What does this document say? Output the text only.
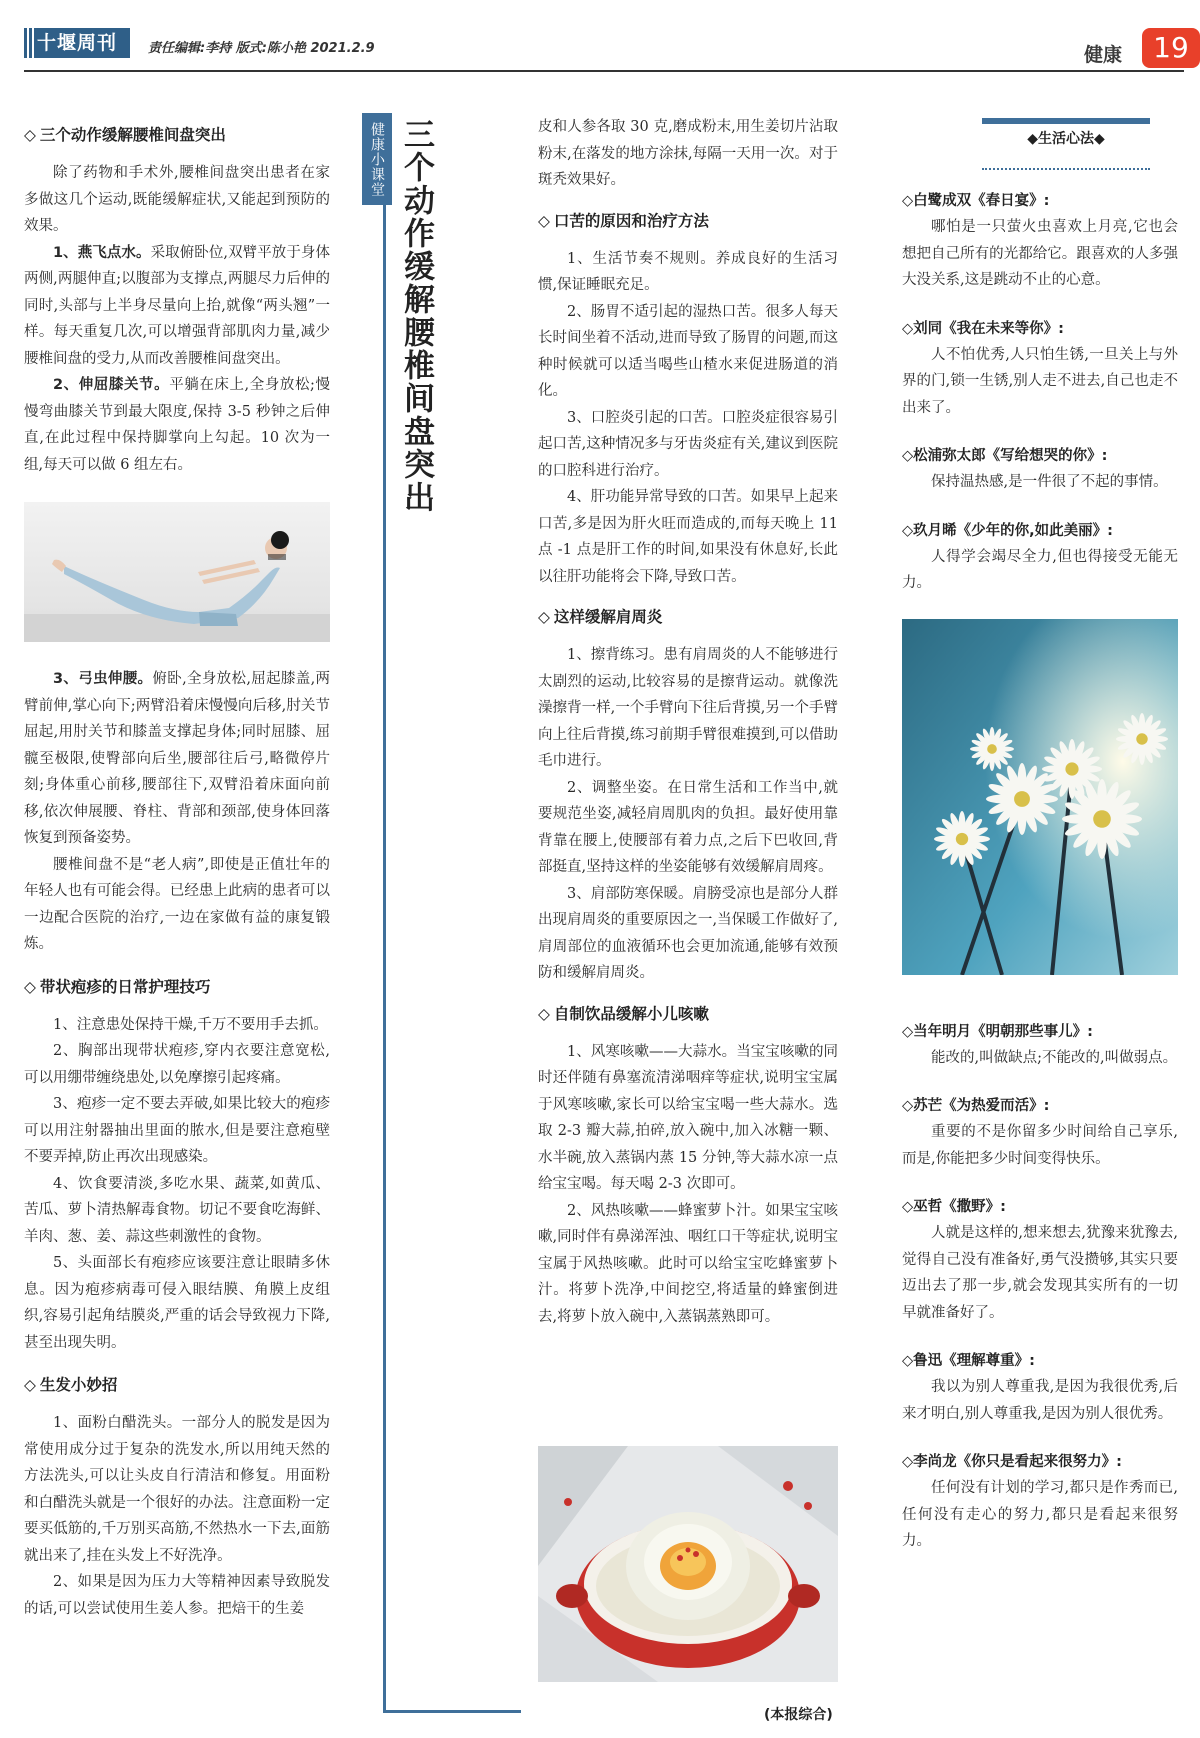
十堰周刊	责任编辑:李持 版式:陈小艳 2021.2.9	健康	19
◇ 三个动作缓解腰椎间盘突出

除了药物和手术外,腰椎间盘突出患者在家多做这几个运动,既能缓解症状,又能起到预防的效果。

1、燕飞点水。采取俯卧位,双臂平放于身体两侧,两腿伸直;以腹部为支撑点,两腿尽力后伸的同时,头部与上半身尽量向上抬,就像“两头翘”一样。每天重复几次,可以增强背部肌肉力量,减少腰椎间盘的受力,从而改善腰椎间盘突出。

2、伸屈膝关节。平躺在床上,全身放松;慢慢弯曲膝关节到最大限度,保持 3-5 秒钟之后伸直,在此过程中保持脚掌向上勾起。10 次为一组,每天可以做 6 组左右。

3、弓虫伸腰。俯卧,全身放松,屈起膝盖,两臂前伸,掌心向下;两臂沿着床慢慢向后移,肘关节屈起,用肘关节和膝盖支撑起身体;同时屈膝、屈髋至极限,使臀部向后坐,腰部往后弓,略微停片刻;身体重心前移,腰部往下,双臂沿着床面向前移,依次伸展腰、脊柱、背部和颈部,使身体回落恢复到预备姿势。

腰椎间盘不是“老人病”,即使是正值壮年的年轻人也有可能会得。已经患上此病的患者可以一边配合医院的治疗,一边在家做有益的康复锻炼。

◇ 带状疱疹的日常护理技巧

1、注意患处保持干燥,千万不要用手去抓。

2、胸部出现带状疱疹,穿内衣要注意宽松,可以用绷带缠绕患处,以免摩擦引起疼痛。

3、疱疹一定不要去弄破,如果比较大的疱疹可以用注射器抽出里面的脓水,但是要注意疱壁不要弄掉,防止再次出现感染。

4、饮食要清淡,多吃水果、蔬菜,如黄瓜、苦瓜、萝卜清热解毒食物。切记不要食吃海鲜、羊肉、葱、姜、蒜这些刺激性的食物。

5、头面部长有疱疹应该要注意让眼睛多休息。因为疱疹病毒可侵入眼结膜、角膜上皮组织,容易引起角结膜炎,严重的话会导致视力下降,甚至出现失明。

◇ 生发小妙招

1、面粉白醋洗头。一部分人的脱发是因为常使用成分过于复杂的洗发水,所以用纯天然的方法洗头,可以让头皮自行清洁和修复。用面粉和白醋洗头就是一个很好的办法。注意面粉一定要买低筋的,千万别买高筋,不然热水一下去,面筋就出来了,挂在头发上不好洗净。

2、如果是因为压力大等精神因素导致脱发的话,可以尝试使用生姜人参。把焙干的生姜

健康小课堂 三个动作缓解腰椎间盘突出	皮和人参各取 30 克,磨成粉末,用生姜切片沾取粉末,在落发的地方涂抹,每隔一天用一次。对于斑秃效果好。

◇ 口苦的原因和治疗方法

1、生活节奏不规则。养成良好的生活习惯,保证睡眠充足。

2、肠胃不适引起的湿热口苦。很多人每天长时间坐着不活动,进而导致了肠胃的问题,而这种时候就可以适当喝些山楂水来促进肠道的消化。

3、口腔炎引起的口苦。口腔炎症很容易引起口苦,这种情况多与牙齿炎症有关,建议到医院的口腔科进行治疗。

4、肝功能异常导致的口苦。如果早上起来口苦,多是因为肝火旺而造成的,而每天晚上 11 点 -1 点是肝工作的时间,如果没有休息好,长此以往肝功能将会下降,导致口苦。

◇ 这样缓解肩周炎

1、擦背练习。患有肩周炎的人不能够进行太剧烈的运动,比较容易的是擦背运动。就像洗澡擦背一样,一个手臂向下往后背摸,另一个手臂向上往后背摸,练习前期手臂很难摸到,可以借助毛巾进行。

2、调整坐姿。在日常生活和工作当中,就要规范坐姿,减轻肩周肌肉的负担。最好使用靠背靠在腰上,使腰部有着力点,之后下巴收回,背部挺直,坚持这样的坐姿能够有效缓解肩周疼。

3、肩部防寒保暖。肩膀受凉也是部分人群出现肩周炎的重要原因之一,当保暖工作做好了,肩周部位的血液循环也会更加流通,能够有效预防和缓解肩周炎。

◇ 自制饮品缓解小儿咳嗽

1、风寒咳嗽——大蒜水。当宝宝咳嗽的同时还伴随有鼻塞流清涕咽痒等症状,说明宝宝属于风寒咳嗽,家长可以给宝宝喝一些大蒜水。选取 2-3 瓣大蒜,拍碎,放入碗中,加入冰糖一颗、水半碗,放入蒸锅内蒸 15 分钟,等大蒜水凉一点给宝宝喝。每天喝 2-3 次即可。

2、风热咳嗽——蜂蜜萝卜汁。如果宝宝咳嗽,同时伴有鼻涕浑浊、咽红口干等症状,说明宝宝属于风热咳嗽。此时可以给宝宝吃蜂蜜萝卜汁。将萝卜洗净,中间挖空,将适量的蜂蜜倒进去,将萝卜放入碗中,入蒸锅蒸熟即可。

(本报综合)
◆生活心法◆
◇白鹭成双《春日宴》:

哪怕是一只萤火虫喜欢上月亮,它也会想把自己所有的光都给它。跟喜欢的人多强大没关系,这是跳动不止的心意。

◇刘同《我在未来等你》:

人不怕优秀,人只怕生锈,一旦关上与外界的门,锁一生锈,别人走不进去,自己也走不出来了。

◇松浦弥太郎《写给想哭的你》:

保持温热感,是一件很了不起的事情。

◇玖月晞《少年的你,如此美丽》:

人得学会竭尽全力,但也得接受无能无力。

◇当年明月《明朝那些事儿》:

能改的,叫做缺点;不能改的,叫做弱点。

◇苏芒《为热爱而活》:

重要的不是你留多少时间给自己享乐,而是,你能把多少时间变得快乐。

◇巫哲《撒野》:

人就是这样的,想来想去,犹豫来犹豫去,觉得自己没有准备好,勇气没攒够,其实只要迈出去了那一步,就会发现其实所有的一切早就准备好了。

◇鲁迅《理解尊重》:

我以为别人尊重我,是因为我很优秀,后来才明白,别人尊重我,是因为别人很优秀。

◇李尚龙《你只是看起来很努力》:

任何没有计划的学习,都只是作秀而已,任何没有走心的努力,都只是看起来很努力。
